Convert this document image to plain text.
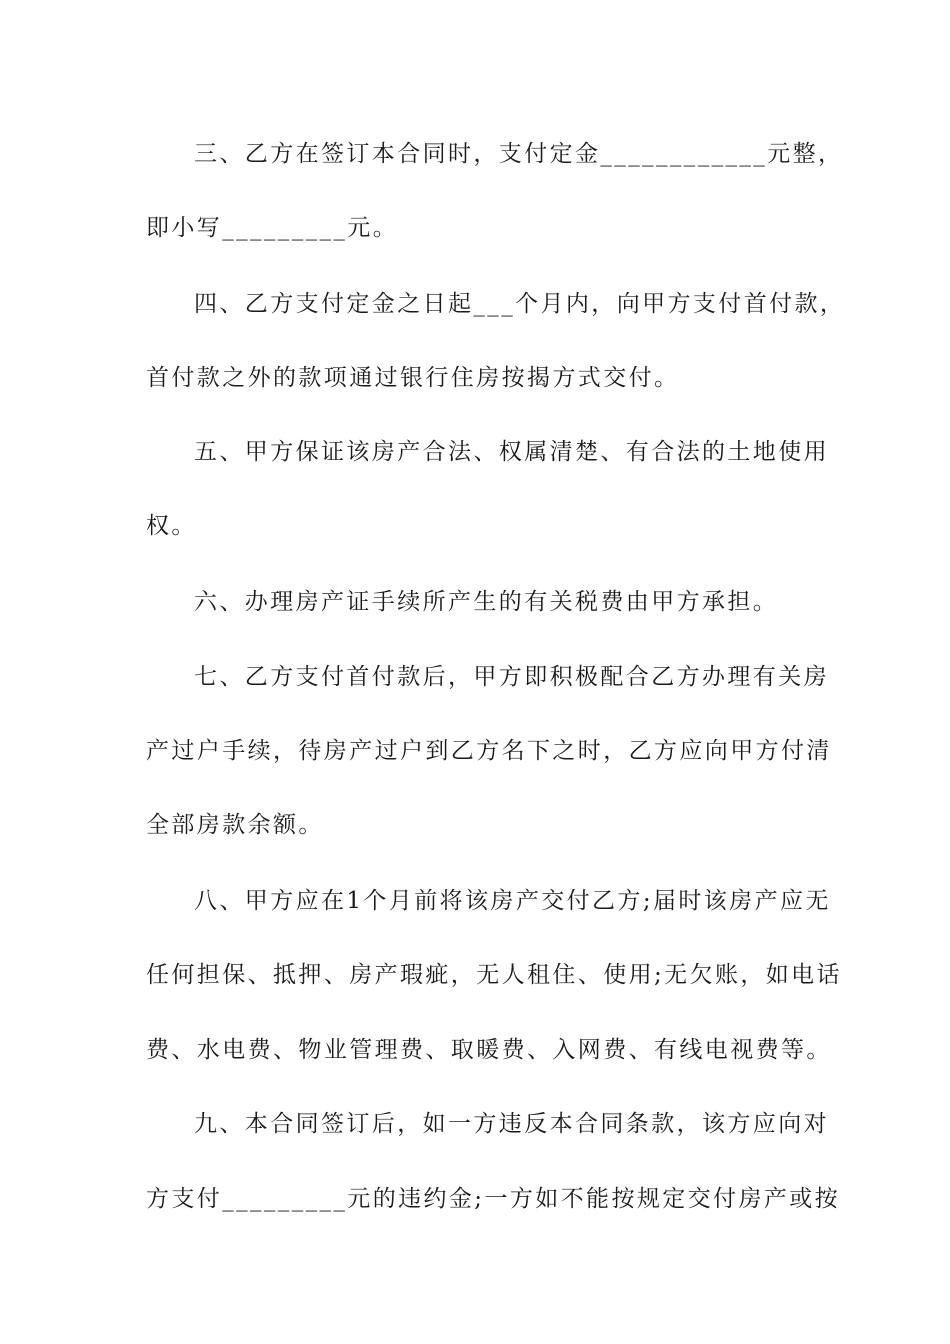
三、乙方在签订本合同时，支付定金____________元整，
即小写_________元。
四、乙方支付定金之日起___个月内，向甲方支付首付款，
首付款之外的款项通过银行住房按揭方式交付。
五、甲方保证该房产合法、权属清楚、有合法的土地使用
权。
六、办理房产证手续所产生的有关税费由甲方承担。
七、乙方支付首付款后，甲方即积极配合乙方办理有关房
产过户手续，待房产过户到乙方名下之时，乙方应向甲方付清
全部房款余额。
八、甲方应在1个月前将该房产交付乙方;届时该房产应无
任何担保、抵押、房产瑕疵，无人租住、使用;无欠账，如电话
费、水电费、物业管理费、取暖费、入网费、有线电视费等。
九、本合同签订后，如一方违反本合同条款，该方应向对
方支付_________元的违约金;一方如不能按规定交付房产或按
